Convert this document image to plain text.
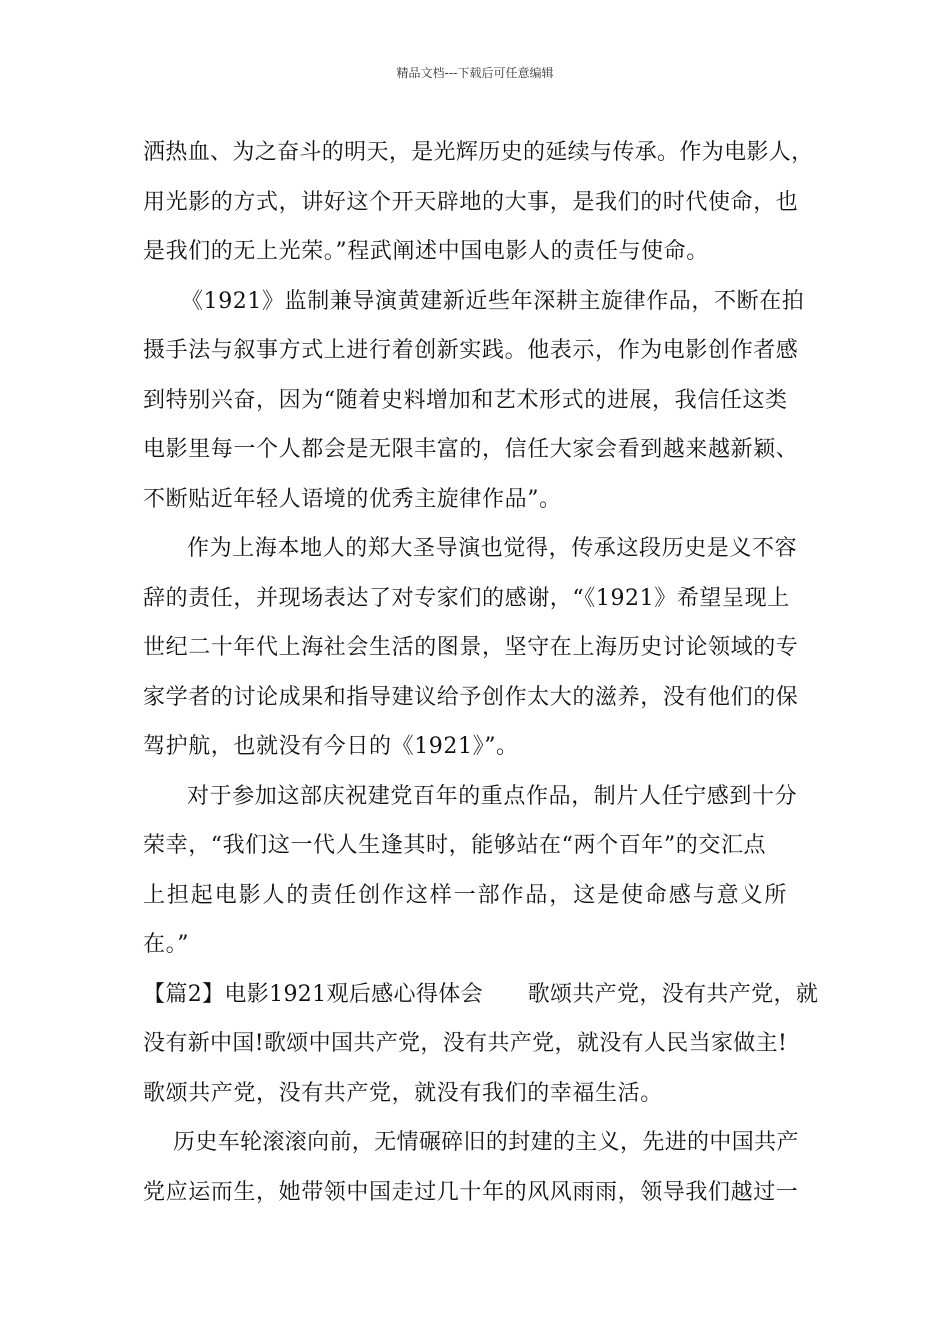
精品文档---下载后可任意编辑
洒热血、为之奋斗的明天，是光辉历史的延续与传承。作为电影人，
用光影的方式，讲好这个开天辟地的大事，是我们的时代使命，也
是我们的无上光荣。”程武阐述中国电影人的责任与使命。
《1921》监制兼导演黄建新近些年深耕主旋律作品，不断在拍
摄手法与叙事方式上进行着创新实践。他表示，作为电影创作者感
到特别兴奋，因为“随着史料增加和艺术形式的进展，我信任这类
电影里每一个人都会是无限丰富的，信任大家会看到越来越新颖、
不断贴近年轻人语境的优秀主旋律作品”。
作为上海本地人的郑大圣导演也觉得，传承这段历史是义不容
辞的责任，并现场表达了对专家们的感谢，“《1921》希望呈现上
世纪二十年代上海社会生活的图景，坚守在上海历史讨论领域的专
家学者的讨论成果和指导建议给予创作太大的滋养，没有他们的保
驾护航，也就没有今日的《1921》”。
对于参加这部庆祝建党百年的重点作品，制片人任宁感到十分
荣幸，“我们这一代人生逢其时，能够站在“两个百年”的交汇点
上担起电影人的责任创作这样一部作品，这是使命感与意义所
在。”
【篇2】电影1921观后感心得体会　　歌颂共产党，没有共产党，就
没有新中国!歌颂中国共产党，没有共产党，就没有人民当家做主!
歌颂共产党，没有共产党，就没有我们的幸福生活。
历史车轮滚滚向前，无情碾碎旧的封建的主义，先进的中国共产
党应运而生，她带领中国走过几十年的风风雨雨，领导我们越过一
